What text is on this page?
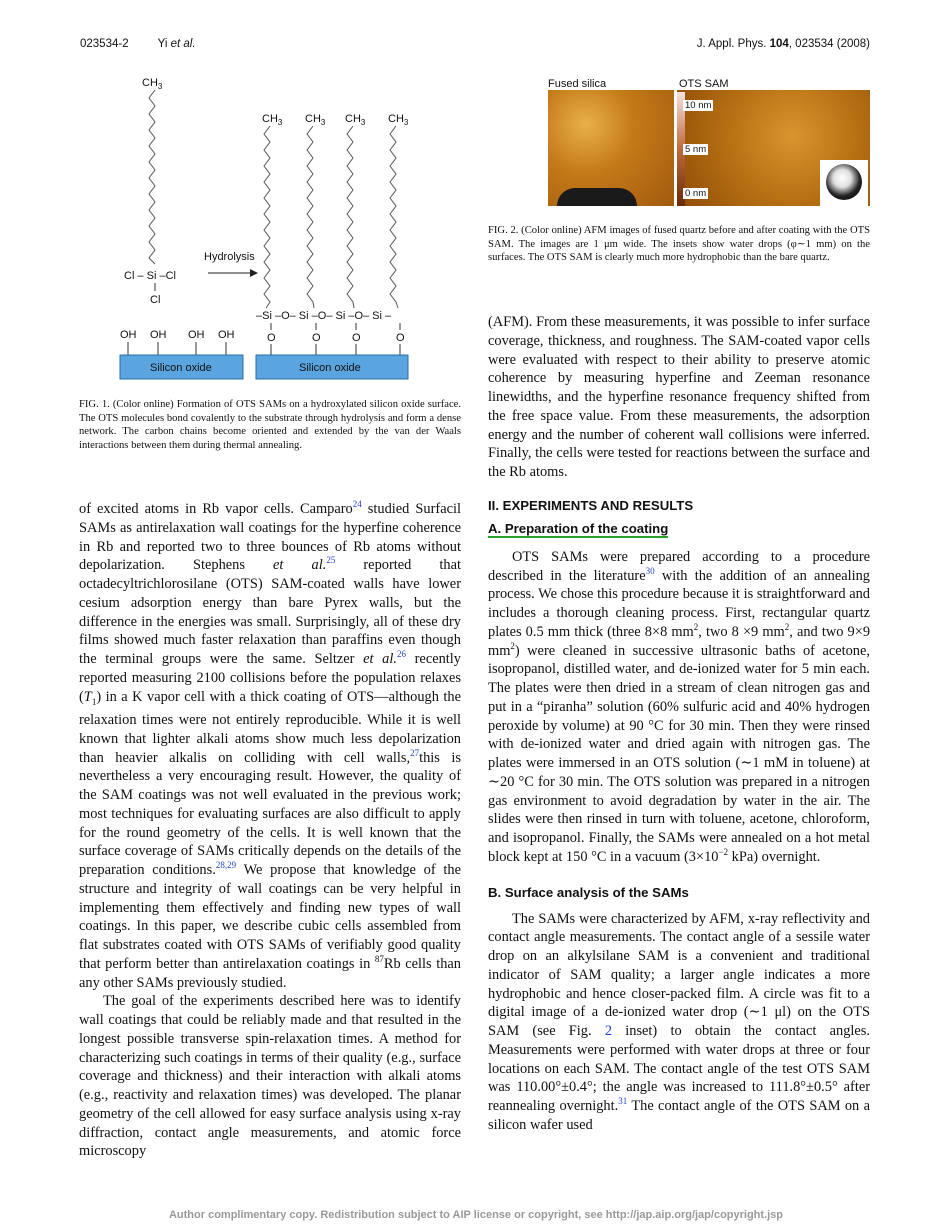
023534-2	Yi et al.	J. Appl. Phys. 104, 023534 (2008)
$CH_3$
Cl – Si –Cl
Cl
Hydrolysis
$CH_3$ $CH_3$ $CH_3$ $CH_3$
–Si –O– Si –O– Si –O– Si –
O	O	O	O
OH OH OH OH
Silicon oxide	Silicon oxide

FIG. 1. (Color online) Formation of OTS SAMs on a hydroxylated silicon oxide surface. The OTS molecules bond covalently to the substrate through hydrolysis and form a dense network. The carbon chains become oriented and extended by the van der Waals interactions between them during thermal annealing.

Fused silica	OTS SAM
10 nm
5 nm
0 nm

FIG. 2. (Color online) AFM images of fused quartz before and after coating with the OTS SAM. The images are 1 μm wide. The insets show water drops (φ∼1 mm) on the surfaces. The OTS SAM is clearly much more hydrophobic than the bare quartz.

of excited atoms in Rb vapor cells. Camparo$^{24}$ studied Surfacil SAMs as antirelaxation wall coatings for the hyperfine coherence in Rb and reported two to three bounces of Rb atoms without depolarization. Stephens et al.$^{25}$ reported that octadecyltrichlorosilane (OTS) SAM-coated walls have lower cesium adsorption energy than bare Pyrex walls, but the difference in the energies was small. Surprisingly, all of these dry films showed much faster relaxation than paraffins even though the terminal groups were the same. Seltzer et al.$^{26}$ recently reported measuring 2100 collisions before the population relaxes $(T_1)$ in a K vapor cell with a thick coating of OTS—although the relaxation times were not entirely reproducible. While it is well known that lighter alkali atoms show much less depolarization than heavier alkalis on colliding with cell walls,$^{27}$this is nevertheless a very encouraging result. However, the quality of the SAM coatings was not well evaluated in the previous work; most techniques for evaluating surfaces are also difficult to apply for the round geometry of the cells. It is well known that the surface coverage of SAMs critically depends on the details of the preparation conditions.$^{28,29}$ We propose that knowledge of the structure and integrity of wall coatings can be very helpful in implementing them effectively and finding new types of wall coatings. In this paper, we describe cubic cells assembled from flat substrates coated with OTS SAMs of verifiably good quality that perform better than antirelaxation coatings in $^{87}$Rb cells than any other SAMs previously studied.

The goal of the experiments described here was to identify wall coatings that could be reliably made and that resulted in the longest possible transverse spin-relaxation times. A method for characterizing such coatings in terms of their quality (e.g., surface coverage and thickness) and their interaction with alkali atoms (e.g., reactivity and relaxation times) was developed. The planar geometry of the cell allowed for easy surface analysis using x-ray diffraction, contact angle measurements, and atomic force microscopy

(AFM). From these measurements, it was possible to infer surface coverage, thickness, and roughness. The SAM-coated vapor cells were evaluated with respect to their ability to preserve atomic coherence by measuring hyperfine and Zeeman resonance linewidths, and the hyperfine resonance frequency shifted from the free space value. From these measurements, the adsorption energy and the number of coherent wall collisions were inferred. Finally, the cells were tested for reactions between the surface and the Rb atoms.

II. EXPERIMENTS AND RESULTS
A. Preparation of the coating

OTS SAMs were prepared according to a procedure described in the literature$^{30}$ with the addition of an annealing process. We chose this procedure because it is straightforward and includes a thorough cleaning process. First, rectangular quartz plates 0.5 mm thick (three 8×8 $mm^2$, two 8 ×9 $mm^2$, and two 9×9 $mm^2$) were cleaned in successive ultrasonic baths of acetone, isopropanol, distilled water, and de-ionized water for 5 min each. The plates were then dried in a stream of clean nitrogen gas and put in a “piranha” solution (60% sulfuric acid and 40% hydrogen peroxide by volume) at 90 °C for 30 min. Then they were rinsed with de-ionized water and dried again with nitrogen gas. The plates were immersed in an OTS solution (∼1 mM in toluene) at ∼20 °C for 30 min. The OTS solution was prepared in a nitrogen gas environment to avoid degradation by water in the air. The slides were then rinsed in turn with toluene, acetone, chloroform, and isopropanol. Finally, the SAMs were annealed on a hot metal block kept at 150 °C in a vacuum ($3\times 10^{-2}$ kPa) overnight.

B. Surface analysis of the SAMs

The SAMs were characterized by AFM, x-ray reflectivity and contact angle measurements. The contact angle of a sessile water drop on an alkylsilane SAM is a convenient and traditional indicator of SAM quality; a larger angle indicates a more hydrophobic and hence closer-packed film. A circle was fit to a digital image of a de-ionized water drop (∼1 μl) on the OTS SAM (see Fig. 2 inset) to obtain the contact angles. Measurements were performed with water drops at three or four locations on each SAM. The contact angle of the test OTS SAM was 110.00°±0.4°; the angle was increased to 111.8°±0.5° after reannealing overnight.$^{31}$ The contact angle of the OTS SAM on a silicon wafer used

Author complimentary copy. Redistribution subject to AIP license or copyright, see http://jap.aip.org/jap/copyright.jsp
